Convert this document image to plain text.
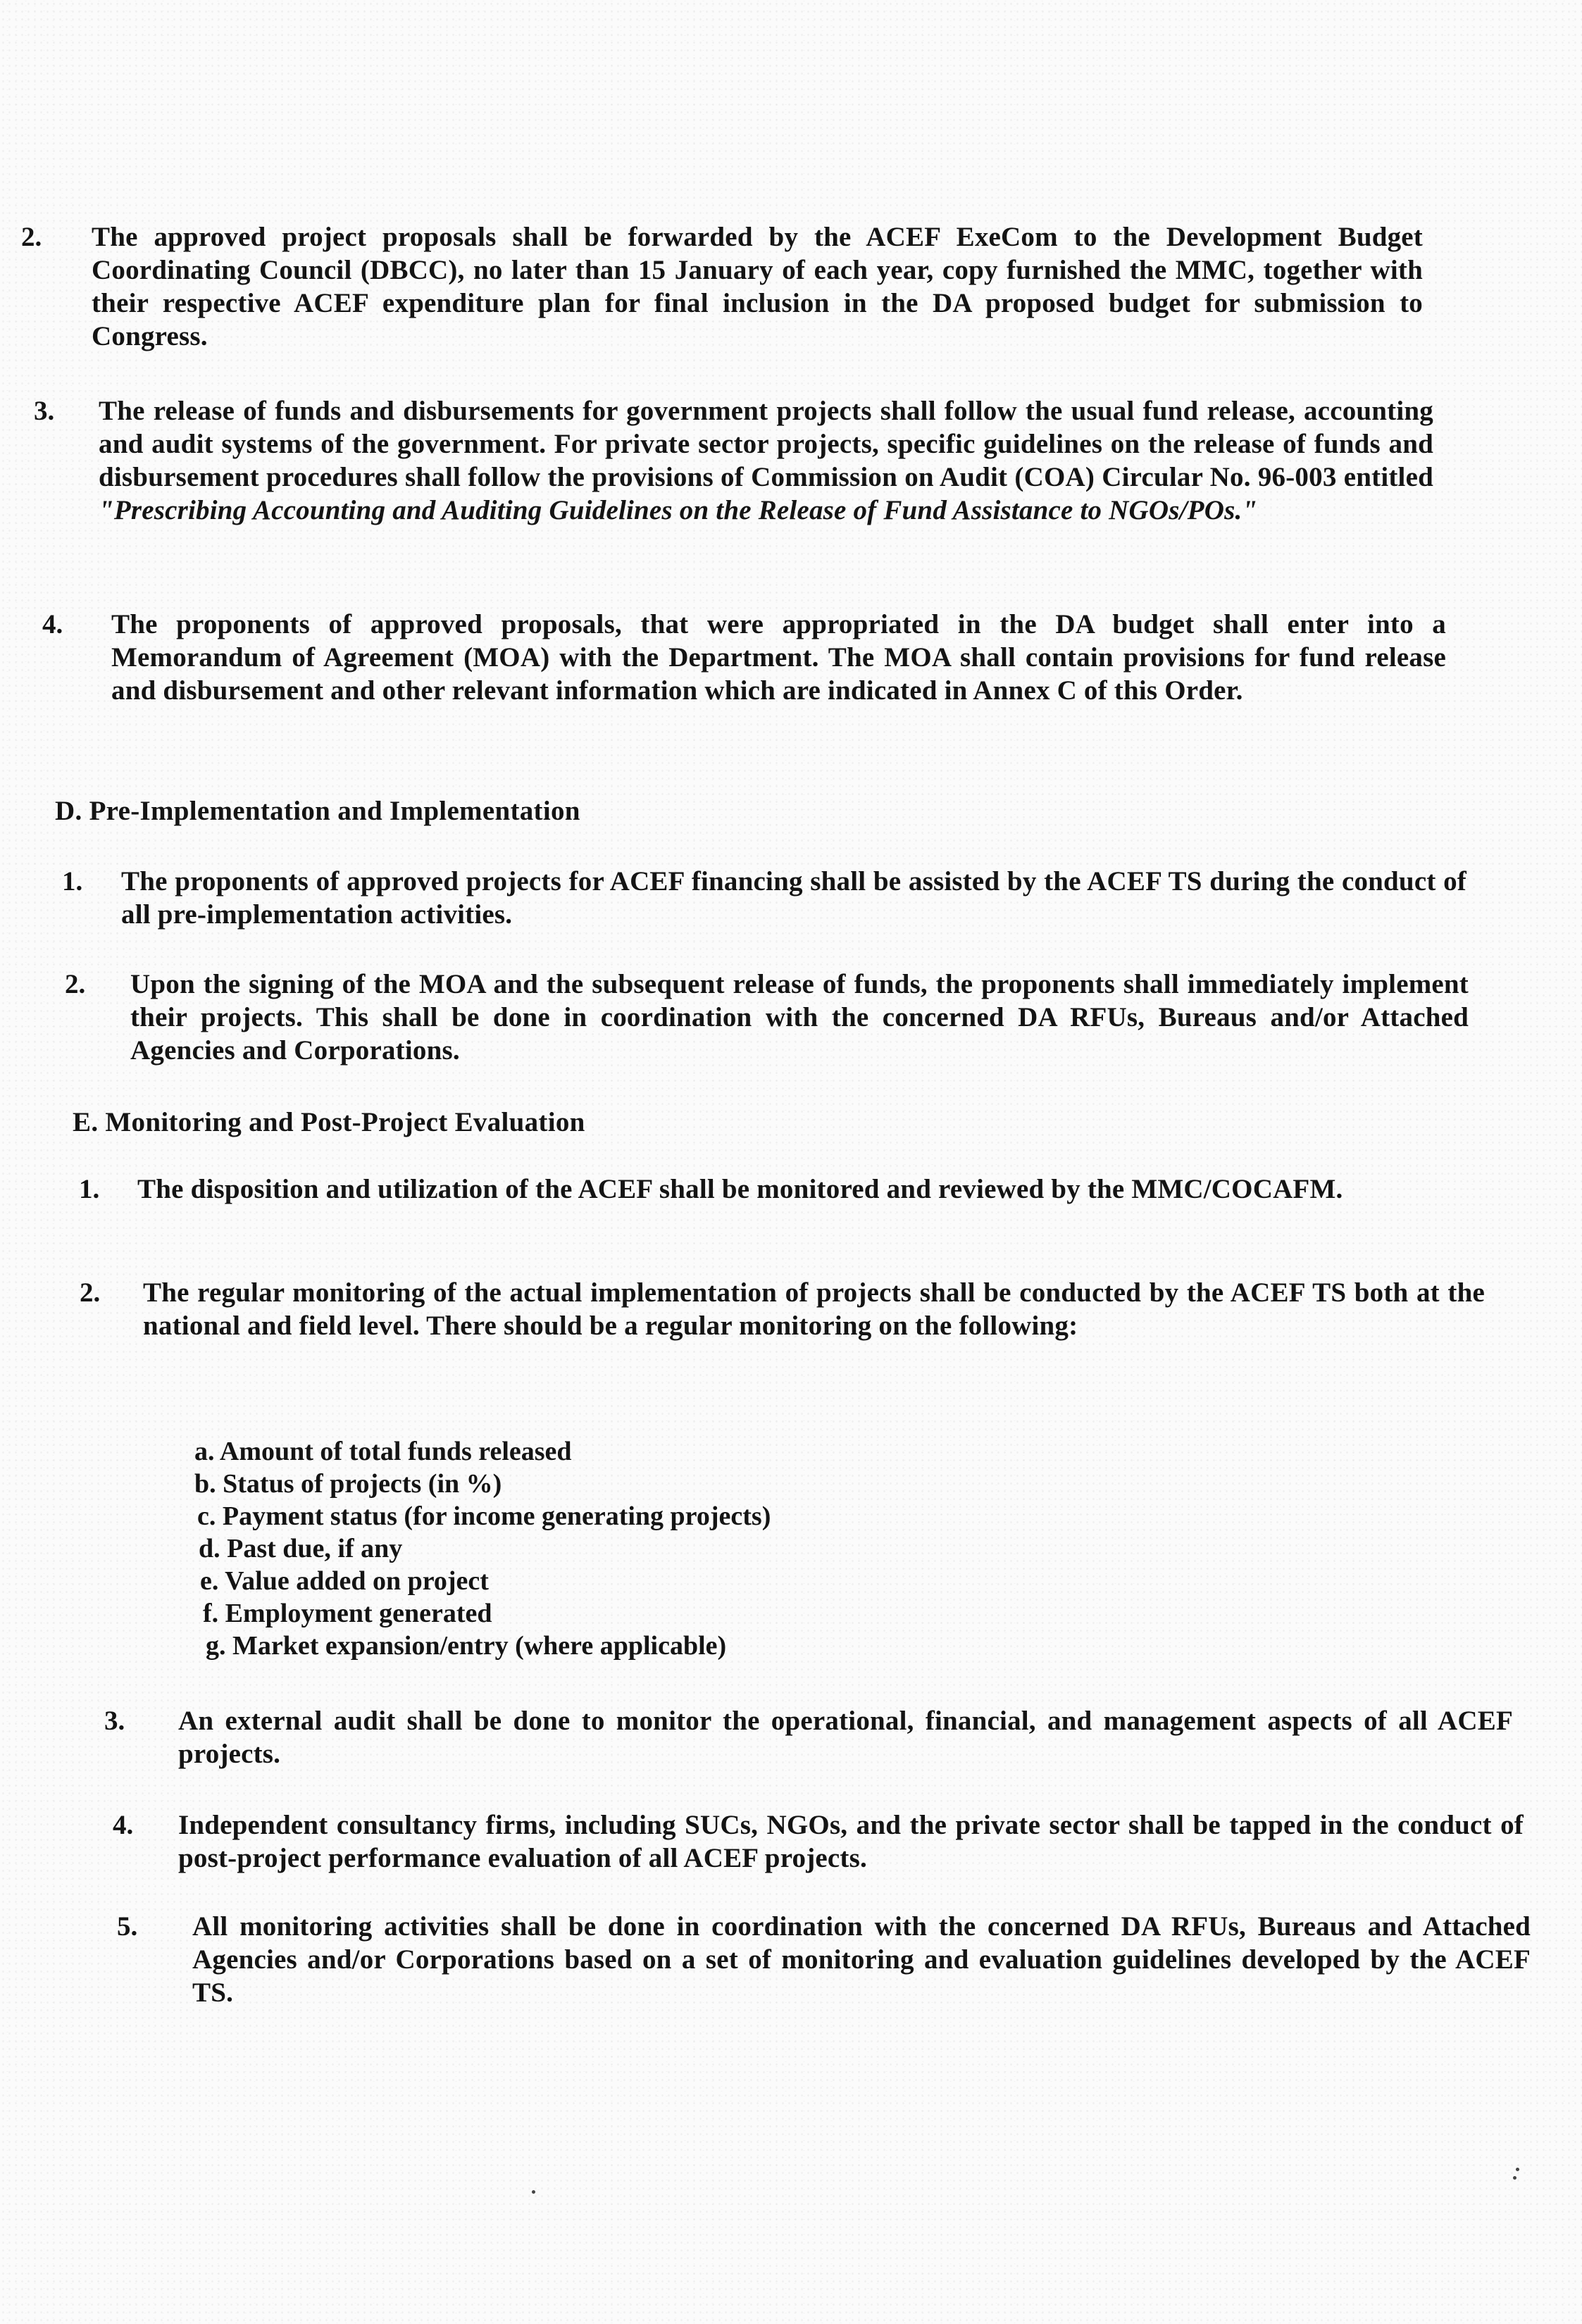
2. The approved project proposals shall be forwarded by the ACEF ExeCom to the Development Budget Coordinating Council (DBCC), no later than 15 January of each year, copy furnished the MMC, together with their respective ACEF expenditure plan for final inclusion in the DA proposed budget for submission to Congress.
3. The release of funds and disbursements for government projects shall follow the usual fund release, accounting and audit systems of the government. For private sector projects, specific guidelines on the release of funds and disbursement procedures shall follow the provisions of Commission on Audit (COA) Circular No. 96-003 entitled "Prescribing Accounting and Auditing Guidelines on the Release of Fund Assistance to NGOs/POs."
4. The proponents of approved proposals, that were appropriated in the DA budget shall enter into a Memorandum of Agreement (MOA) with the Department. The MOA shall contain provisions for fund release and disbursement and other relevant information which are indicated in Annex C of this Order.
D. Pre-Implementation and Implementation
1. The proponents of approved projects for ACEF financing shall be assisted by the ACEF TS during the conduct of all pre-implementation activities.
2. Upon the signing of the MOA and the subsequent release of funds, the proponents shall immediately implement their projects. This shall be done in coordination with the concerned DA RFUs, Bureaus and/or Attached Agencies and Corporations.
E. Monitoring and Post-Project Evaluation
1. The disposition and utilization of the ACEF shall be monitored and reviewed by the MMC/COCAFM.
2. The regular monitoring of the actual implementation of projects shall be conducted by the ACEF TS both at the national and field level. There should be a regular monitoring on the following:
a. Amount of total funds released
b. Status of projects (in %)
c. Payment status (for income generating projects)
d. Past due, if any
e. Value added on project
f. Employment generated
g. Market expansion/entry (where applicable)
3. An external audit shall be done to monitor the operational, financial, and management aspects of all ACEF projects.
4. Independent consultancy firms, including SUCs, NGOs, and the private sector shall be tapped in the conduct of post-project performance evaluation of all ACEF projects.
5. All monitoring activities shall be done in coordination with the concerned DA RFUs, Bureaus and Attached Agencies and/or Corporations based on a set of monitoring and evaluation guidelines developed by the ACEF TS.
